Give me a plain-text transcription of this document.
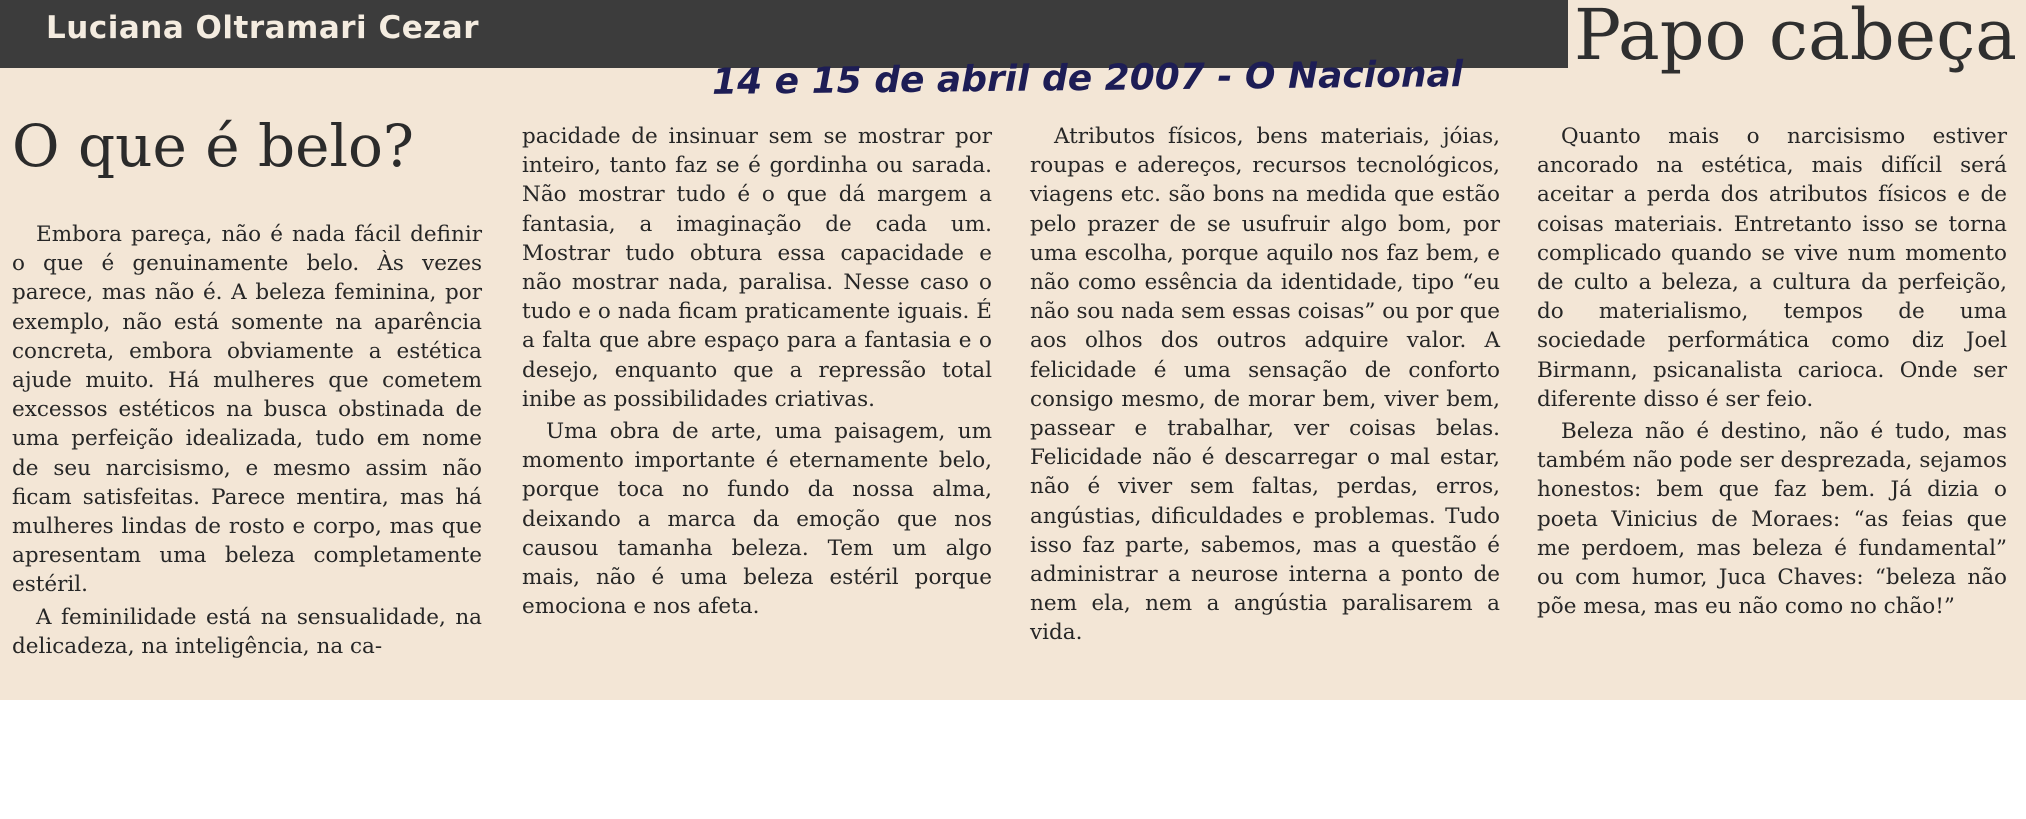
Luciana Oltramari Cezar	Papo cabeça
14 e 15 de abril de 2007 - O Nacional
O que é belo?

Embora pareça, não é nada fácil definir o que é genuinamente belo. Às vezes parece, mas não é. A beleza feminina, por exemplo, não está somente na aparência concreta, embora obviamente a estética ajude muito. Há mulheres que cometem excessos estéticos na busca obstinada de uma perfeição idealizada, tudo em nome de seu narcisismo, e mesmo assim não ficam satisfeitas. Parece mentira, mas há mulheres lindas de rosto e corpo, mas que apresentam uma beleza completamente estéril.

A feminilidade está na sensualidade, na delicadeza, na inteligência, na ca-

pacidade de insinuar sem se mostrar por inteiro, tanto faz se é gordinha ou sarada. Não mostrar tudo é o que dá margem a fantasia, a imaginação de cada um. Mostrar tudo obtura essa capacidade e não mostrar nada, paralisa. Nesse caso o tudo e o nada ficam praticamente iguais. É a falta que abre espaço para a fantasia e o desejo, enquanto que a repressão total inibe as possibilidades criativas.

Uma obra de arte, uma paisagem, um momento importante é eternamente belo, porque toca no fundo da nossa alma, deixando a marca da emoção que nos causou tamanha beleza. Tem um algo mais, não é uma beleza estéril porque emociona e nos afeta.

Atributos físicos, bens materiais, jóias, roupas e adereços, recursos tecnológicos, viagens etc. são bons na medida que estão pelo prazer de se usufruir algo bom, por uma escolha, porque aquilo nos faz bem, e não como essência da identidade, tipo “eu não sou nada sem essas coisas” ou por que aos olhos dos outros adquire valor. A felicidade é uma sensação de conforto consigo mesmo, de morar bem, viver bem, passear e trabalhar, ver coisas belas. Felicidade não é descarregar o mal estar, não é viver sem faltas, perdas, erros, angústias, dificuldades e problemas. Tudo isso faz parte, sabemos, mas a questão é administrar a neurose interna a ponto de nem ela, nem a angústia paralisarem a vida.

Quanto mais o narcisismo estiver ancorado na estética, mais difícil será aceitar a perda dos atributos físicos e de coisas materiais. Entretanto isso se torna complicado quando se vive num momento de culto a beleza, a cultura da perfeição, do materialismo, tempos de uma sociedade performática como diz Joel Birmann, psicanalista carioca. Onde ser diferente disso é ser feio.

Beleza não é destino, não é tudo, mas também não pode ser desprezada, sejamos honestos: bem que faz bem. Já dizia o poeta Vinicius de Moraes: “as feias que me perdoem, mas beleza é fundamental” ou com humor, Juca Chaves: “beleza não põe mesa, mas eu não como no chão!”
